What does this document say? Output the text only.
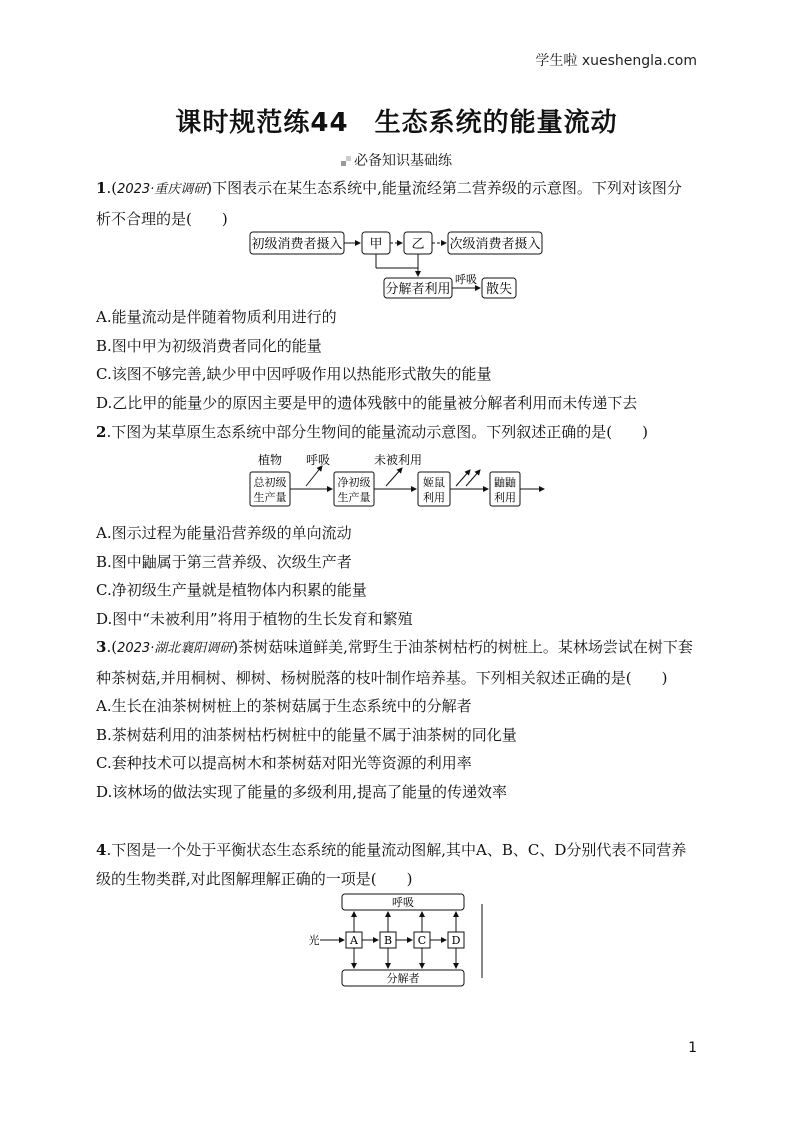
学生啦 xueshengla.com
课时规范练44 生态系统的能量流动
必备知识基础练

1.(2023·重庆调研)下图表示在某生态系统中,能量流经第二营养级的示意图。下列对该图分析不合理的是(　　)

初级消费者摄入 甲 乙 次级消费者摄入
分解者利用
呼吸
散失

A.能量流动是伴随着物质利用进行的

B.图中甲为初级消费者同化的能量

C.该图不够完善,缺少甲中因呼吸作用以热能形式散失的能量

D.乙比甲的能量少的原因主要是甲的遗体残骸中的能量被分解者利用而未传递下去

2.下图为某草原生态系统中部分生物间的能量流动示意图。下列叙述正确的是(　　)

植物 呼吸	未被利用
总初级
生产量
净初级
生产量
姬鼠
利用
鼬鼬
利用

A.图示过程为能量沿营养级的单向流动

B.图中鼬属于第三营养级、次级生产者

C.净初级生产量就是植物体内积累的能量

D.图中“未被利用”将用于植物的生长发育和繁殖

3.(2023·湖北襄阳调研)茶树菇味道鲜美,常野生于油茶树枯朽的树桩上。某林场尝试在树下套种茶树菇,并用桐树、柳树、杨树脱落的枝叶制作培养基。下列相关叙述正确的是(　　)

A.生长在油茶树树桩上的茶树菇属于生态系统中的分解者

B.茶树菇利用的油茶树枯朽树桩中的能量不属于油茶树的同化量

C.套种技术可以提高树木和茶树菇对阳光等资源的利用率

D.该林场的做法实现了能量的多级利用,提高了能量的传递效率

4.下图是一个处于平衡状态生态系统的能量流动图解,其中A、B、C、D分别代表不同营养级的生物类群,对此图解理解正确的一项是(　　)

呼吸
分解者
光	A B C D
1
